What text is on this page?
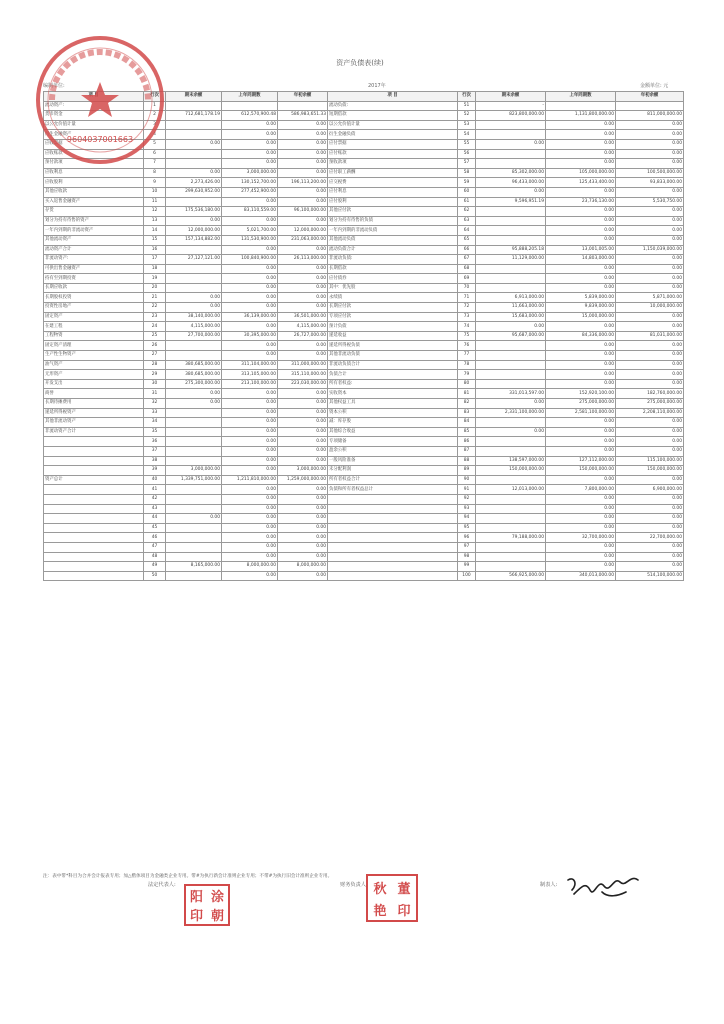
资产负债表(续)
编制单位:	2017年	金额单位: 元
	行次	期末余额	上年同期数	年初余额	项 目	行次	期末余额	上年同期数	年初余额
流动资产:	1				流动负债:	51	-		
货币资金	2	712,681,178.19	612,570,900.48	586,983,651.33	短期借款	52	823,800,000.00	1,131,800,000.00	811,000,000.00
以公允价值计量	3		0.00	0.00	以公允价值计量	53		0.00	0.00
衍生金融资产	4		0.00	0.00	衍生金融负债	54		0.00	0.00
应收票据	5	0.00	0.00	0.00	应付票据	55	0.00	0.00	0.00
应收账款	6		0.00	0.00	应付账款	56		0.00	0.00
预付款项	7		0.00	0.00	预收款项	57		0.00	0.00
应收利息	8	0.00	3,000,000.00	0.00	应付职工薪酬	58	85,302,000.00	105,000,000.00	100,500,000.00
应收股利	9	2,273,426.00	130,152,700.00	196,113,200.00	应交税费	59	96,433,000.00	125,433,400.00	93,833,000.00
其他应收款	10	299,630,952.00	277,452,900.00	0.00	应付利息	60	0.00	0.00	0.00
买入返售金融资产	11		0.00	0.00	应付股利	61	9,596,951.19	23,736,130.00	5,530,750.00
存货	12	175,536,180.00	83,110,559.00	96,100,000.00	其他应付款	62		0.00	0.00
划分为持有待售的资产	13	0.00	0.00	0.00	划分为持有待售的负债	63		0.00	0.00
一年内到期的非流动资产	14	12,000,000.00	5,021,700.00	12,000,000.00	一年内到期的非流动负债	64		0.00	0.00
其他流动资产	15	157,134,882.00	131,530,900.00	231,063,000.00	其他流动负债	65		0.00	0.00
流动资产合计	16		0.00	0.00	流动负债合计	66	95,888,205.18	13,001,005.00	1,150,039,000.00
非流动资产:	17	27,127,121.00	100,840,900.00	26,113,000.00	非流动负债:	67	11,129,000.00	14,803,000.00	0.00
可供出售金融资产	18		0.00	0.00	长期借款	68		0.00	0.00
持有至到期投资	19		0.00	0.00	应付债券	69		0.00	0.00
长期应收款	20		0.00	0.00	其中：优先股	70		0.00	0.00
长期股权投资	21	0.00	0.00	0.00	永续债	71	6,913,000.00	5,839,000.00	5,871,000.00
投资性房地产	22	0.00	0.00	0.00	长期应付款	72	11,663,000.00	9,839,000.00	10,000,000.00
固定资产	23	38,140,000.00	36,139,000.00	36,501,000.00	专项应付款	73	15,683,000.00	15,000,000.00	0.00
在建工程	24	4,115,000.00	0.00	4,115,000.00	预计负债	74	0.00	0.00	0.00
工程物资	25	27,700,000.00	30,395,000.00	26,727,000.00	递延收益	75	95,687,000.00	84,336,000.00	81,031,000.00
固定资产清理	26		0.00	0.00	递延所得税负债	76		0.00	0.00
生产性生物资产	27		0.00	0.00	其他非流动负债	77		0.00	0.00
油气资产	28	380,685,000.00	311,104,000.00	311,000,000.00	非流动负债合计	78		0.00	0.00
无形资产	29	380,685,000.00	313,105,000.00	315,110,000.00	负债合计	79		0.00	0.00
开发支出	30	275,300,000.00	213,100,000.00	223,030,000.00	所有者权益:	80		0.00	0.00
商誉	31	0.00	0.00	0.00	实收资本	81	331,013,597.00	152,920,100.00	182,760,000.00
长期待摊费用	32	0.00	0.00	0.00	其他权益工具	82	0.00	275,000,000.00	275,000,000.00
递延所得税资产	33		0.00	0.00	资本公积	83	2,331,100,000.00	2,581,100,000.00	2,208,110,000.00
其他非流动资产	34		0.00	0.00	减：库存股	84		0.00	0.00
非流动资产合计	35		0.00	0.00	其他综合收益	85	0.00	0.00	0.00
	36		0.00	0.00	专项储备	86		0.00	0.00
	37		0.00	0.00	盈余公积	87		0.00	0.00
	38		0.00	0.00	一般风险准备	88	138,597,000.00	127,112,000.00	115,100,000.00
	39	3,000,000.00	0.00	3,000,000.00	未分配利润	89	150,000,000.00	150,000,000.00	150,000,000.00
资产总计	40	1,339,751,000.00	1,211,810,000.00	1,259,000,000.00	所有者权益合计	90		0.00	0.00
	41		0.00	0.00	负债和所有者权益总计	91	12,013,000.00	7,800,000.00	6,900,000.00
	42		0.00	0.00		92		0.00	0.00
	43		0.00	0.00		93		0.00	0.00
	44	0.00	0.00	0.00		94		0.00	0.00
	45		0.00	0.00		95		0.00	0.00
	46		0.00	0.00		96	79,188,000.00	32,700,000.00	22,700,000.00
	47		0.00	0.00		97		0.00	0.00
	48		0.00	0.00		98		0.00	0.00
	49	8,165,000.00	8,000,000.00	8,000,000.00		99		0.00	0.00
	50		0.00	0.00		100	566,925,000.00	340,013,000.00	514,100,000.00
注：表中带*科目为合并会计报表专用；加△楷体项目为金融类企业专用。带#为执行新会计准则企业专用；不带#为执行旧会计准则企业专用。
法定代表人:	财务负责人:	制表人:
9604037001663
阳 涂
印 朝
秋 董
艳 印
